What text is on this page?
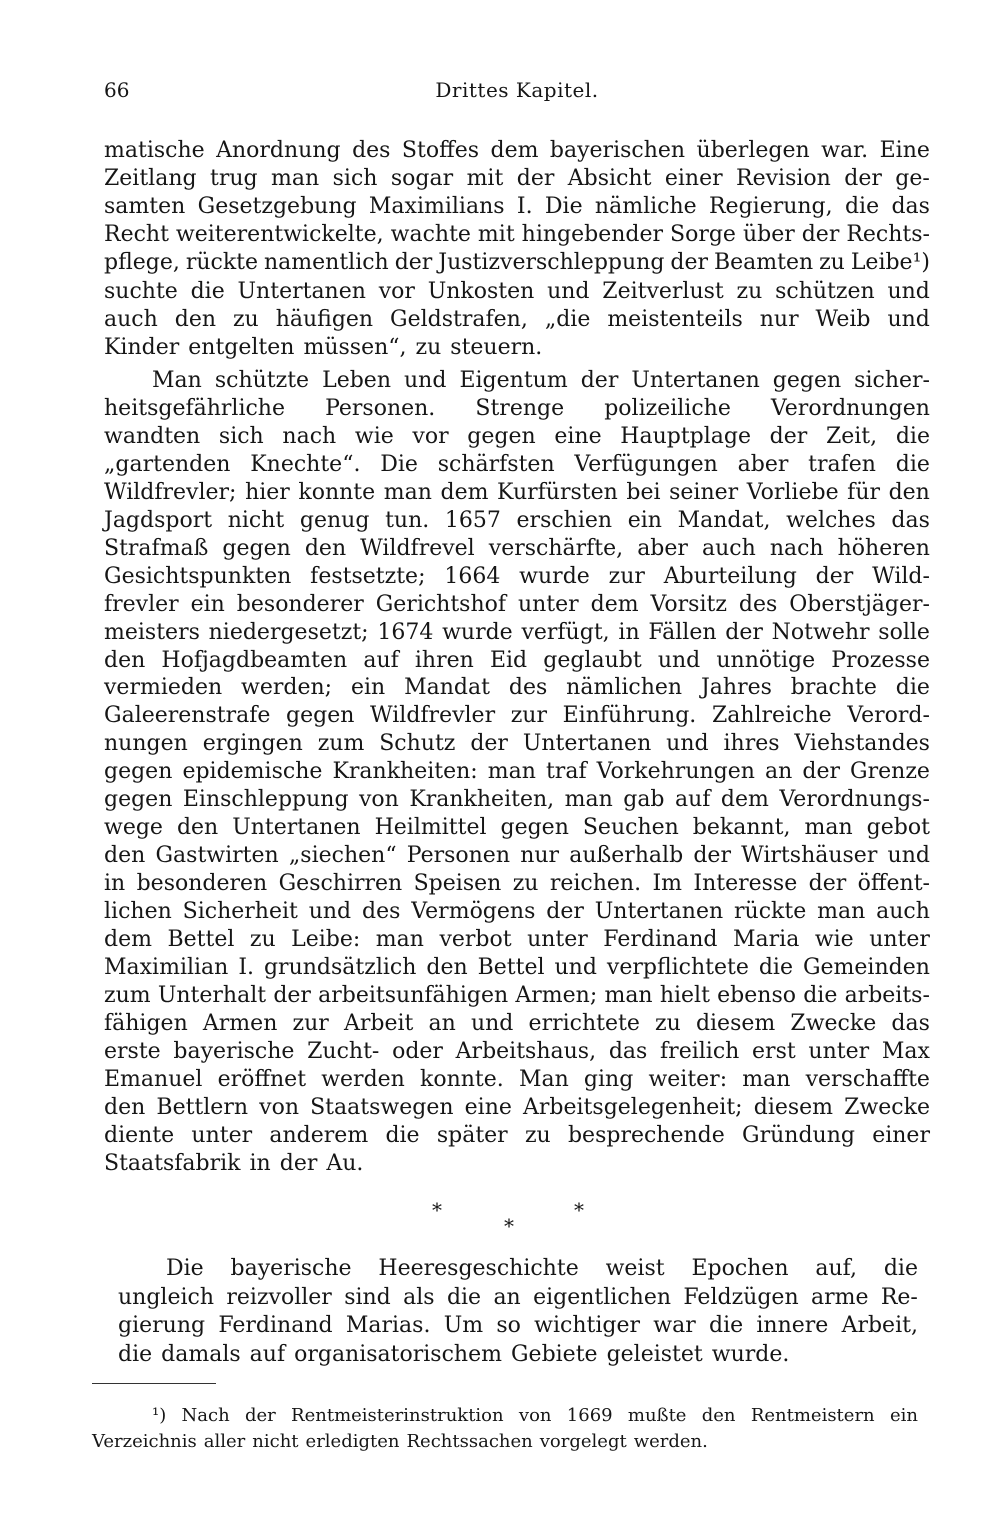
66	Drittes Kapitel.
matische Anordnung des Stoffes dem bayerischen überlegen war. Eine
Zeitlang trug man sich sogar mit der Absicht einer Revision der ge-
samten Gesetzgebung Maximilians I. Die nämliche Regierung, die das
Recht weiterentwickelte, wachte mit hingebender Sorge über der Rechts-
pflege, rückte namentlich der Justizverschleppung der Beamten zu Leibe¹)
suchte die Untertanen vor Unkosten und Zeitverlust zu schützen und
auch den zu häufigen Geldstrafen, „die meistenteils nur Weib und
Kinder entgelten müssen“, zu steuern.
Man schützte Leben und Eigentum der Untertanen gegen sicher-
heitsgefährliche Personen. Strenge polizeiliche Verordnungen
wandten sich nach wie vor gegen eine Hauptplage der Zeit, die
„gartenden Knechte“. Die schärfsten Verfügungen aber trafen die
Wildfrevler; hier konnte man dem Kurfürsten bei seiner Vorliebe für den
Jagdsport nicht genug tun. 1657 erschien ein Mandat, welches das
Strafmaß gegen den Wildfrevel verschärfte, aber auch nach höheren
Gesichtspunkten festsetzte; 1664 wurde zur Aburteilung der Wild-
frevler ein besonderer Gerichtshof unter dem Vorsitz des Oberstjäger-
meisters niedergesetzt; 1674 wurde verfügt, in Fällen der Notwehr solle
den Hofjagdbeamten auf ihren Eid geglaubt und unnötige Prozesse
vermieden werden; ein Mandat des nämlichen Jahres brachte die
Galeerenstrafe gegen Wildfrevler zur Einführung. Zahlreiche Verord-
nungen ergingen zum Schutz der Untertanen und ihres Viehstandes
gegen epidemische Krankheiten: man traf Vorkehrungen an der Grenze
gegen Einschleppung von Krankheiten, man gab auf dem Verordnungs-
wege den Untertanen Heilmittel gegen Seuchen bekannt, man gebot
den Gastwirten „siechen“ Personen nur außerhalb der Wirtshäuser und
in besonderen Geschirren Speisen zu reichen. Im Interesse der öffent-
lichen Sicherheit und des Vermögens der Untertanen rückte man auch
dem Bettel zu Leibe: man verbot unter Ferdinand Maria wie unter
Maximilian I. grundsätzlich den Bettel und verpflichtete die Gemeinden
zum Unterhalt der arbeitsunfähigen Armen; man hielt ebenso die arbeits-
fähigen Armen zur Arbeit an und errichtete zu diesem Zwecke das
erste bayerische Zucht- oder Arbeitshaus, das freilich erst unter Max
Emanuel eröffnet werden konnte. Man ging weiter: man verschaffte
den Bettlern von Staatswegen eine Arbeitsgelegenheit; diesem Zwecke
diente unter anderem die später zu besprechende Gründung einer
Staatsfabrik in der Au.
*
*
*
Die bayerische Heeresgeschichte weist Epochen auf, die
ungleich reizvoller sind als die an eigentlichen Feldzügen arme Re-
gierung Ferdinand Marias. Um so wichtiger war die innere Arbeit,
die damals auf organisatorischem Gebiete geleistet wurde.
¹) Nach der Rentmeisterinstruktion von 1669 mußte den Rentmeistern ein
Verzeichnis aller nicht erledigten Rechtssachen vorgelegt werden.
